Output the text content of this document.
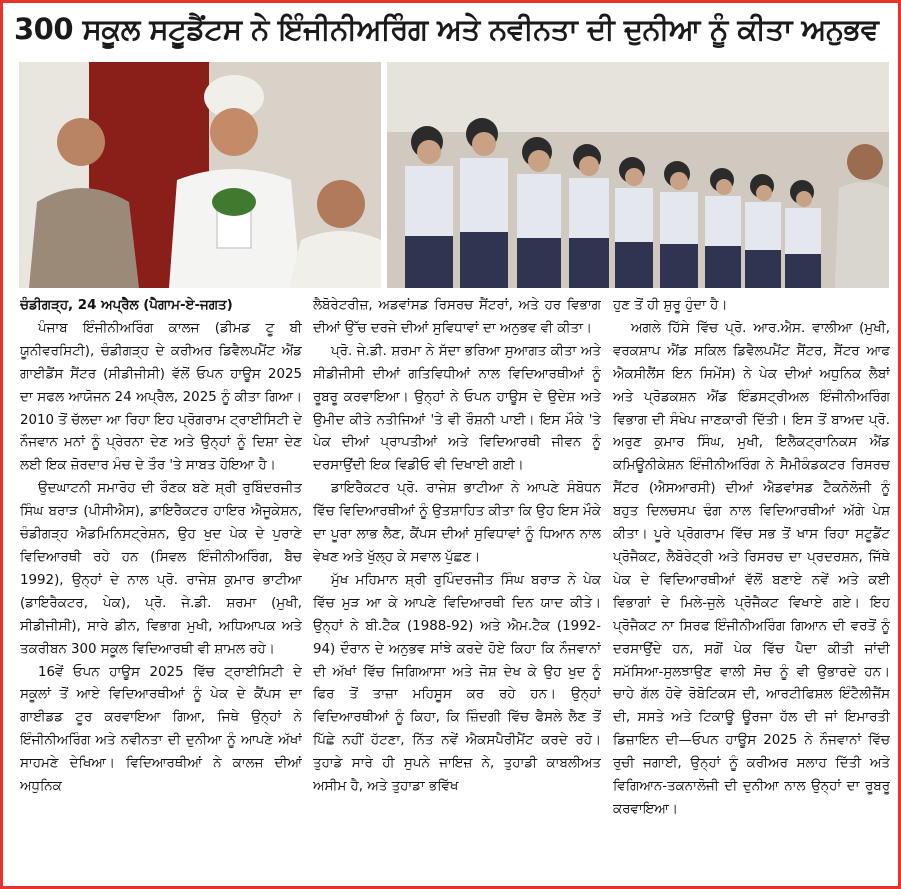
300 ਸਕੂਲ ਸਟੂਡੈਂਟਸ ਨੇ ਇੰਜੀਨੀਅਰਿੰਗ ਅਤੇ ਨਵੀਨਤਾ ਦੀ ਦੁਨੀਆ ਨੂੰ ਕੀਤਾ ਅਨੁਭਵ

ਚੰਡੀਗੜ੍ਹ, 24 ਅਪ੍ਰੈਲ (ਪੈਗਾਮ-ਏ-ਜਗਤ)

ਪੰਜਾਬ ਇੰਜੀਨੀਅਰਿੰਗ ਕਾਲਜ (ਡੀਮਡ ਟੂ ਬੀ ਯੂਨੀਵਰਸਿਟੀ), ਚੰਡੀਗੜ੍ਹ ਦੇ ਕਰੀਅਰ ਡਿਵੈਲਪਮੈਂਟ ਐਂਡ ਗਾਈਡੈਂਸ ਸੈਂਟਰ (ਸੀਡੀਜੀਸੀ) ਵੱਲੋਂ ਓਪਨ ਹਾਊਸ 2025 ਦਾ ਸਫਲ ਆਯੋਜਨ 24 ਅਪ੍ਰੈਲ, 2025 ਨੂੰ ਕੀਤਾ ਗਿਆ। 2010 ਤੋਂ ਚੱਲਦਾ ਆ ਰਿਹਾ ਇਹ ਪ੍ਰੋਗਰਾਮ ਟ੍ਰਾਈਸਿਟੀ ਦੇ ਨੌਜਵਾਨ ਮਨਾਂ ਨੂੰ ਪ੍ਰੇਰਨਾ ਦੇਣ ਅਤੇ ਉਨ੍ਹਾਂ ਨੂੰ ਦਿਸ਼ਾ ਦੇਣ ਲਈ ਇਕ ਜ਼ੋਰਦਾਰ ਮੰਚ ਦੇ ਤੌਰ 'ਤੇ ਸਾਬਤ ਹੋਇਆ ਹੈ।

ਉਦਘਾਟਨੀ ਸਮਾਰੋਹ ਦੀ ਰੌਣਕ ਬਣੇ ਸ਼੍ਰੀ ਰੁਬਿੰਦਰਜੀਤ ਸਿੰਘ ਬਰਾੜ (ਪੀਸੀਐਸ), ਡਾਇਰੈਕਟਰ ਹਾਇਰ ਐਜੂਕੇਸ਼ਨ, ਚੰਡੀਗੜ੍ਹ ਐਡਮਿਨਿਸਟ੍ਰੇਸ਼ਨ, ਉਹ ਖੁਦ ਪੇਕ ਦੇ ਪੁਰਾਣੇ ਵਿਦਿਆਰਥੀ ਰਹੇ ਹਨ (ਸਿਵਲ ਇੰਜੀਨੀਅਰਿੰਗ, ਬੈਚ 1992), ਉਨ੍ਹਾਂ ਦੇ ਨਾਲ ਪ੍ਰੋ. ਰਾਜੇਸ਼ ਕੁਮਾਰ ਭਾਟੀਆ (ਡਾਇਰੈਕਟਰ, ਪੇਕ), ਪ੍ਰੋ. ਜੇ.ਡੀ. ਸ਼ਰਮਾ (ਮੁਖੀ, ਸੀਡੀਜੀਸੀ), ਸਾਰੇ ਡੀਨ, ਵਿਭਾਗ ਮੁਖੀ, ਅਧਿਆਪਕ ਅਤੇ ਤਕਰੀਬਨ 300 ਸਕੂਲ ਵਿਦਿਆਰਥੀ ਵੀ ਸ਼ਾਮਲ ਰਹੇ।

16ਵੇਂ ਓਪਨ ਹਾਊਸ 2025 ਵਿੱਚ ਟ੍ਰਾਈਸਿਟੀ ਦੇ ਸਕੂਲਾਂ ਤੋਂ ਆਏ ਵਿਦਿਆਰਥੀਆਂ ਨੂੰ ਪੇਕ ਦੇ ਕੈਂਪਸ ਦਾ ਗਾਈਡਡ ਟੂਰ ਕਰਵਾਇਆ ਗਿਆ, ਜਿਥੇ ਉਨ੍ਹਾਂ ਨੇ ਇੰਜੀਨੀਅਰਿੰਗ ਅਤੇ ਨਵੀਨਤਾ ਦੀ ਦੁਨੀਆ ਨੂੰ ਆਪਣੇ ਅੱਖਾਂ ਸਾਹਮਣੇ ਦੇਖਿਆ। ਵਿਦਿਆਰਥੀਆਂ ਨੇ ਕਾਲਜ ਦੀਆਂ ਅਧੁਨਿਕ

ਲੈਬੋਰੇਟਰੀਜ਼, ਅਡਵਾਂਸਡ ਰਿਸਰਚ ਸੈਂਟਰਾਂ, ਅਤੇ ਹਰ ਵਿਭਾਗ ਦੀਆਂ ਉੱਚ ਦਰਜੇ ਦੀਆਂ ਸੁਵਿਧਾਵਾਂ ਦਾ ਅਨੁਭਵ ਵੀ ਕੀਤਾ।

ਪ੍ਰੋ. ਜੇ.ਡੀ. ਸ਼ਰਮਾ ਨੇ ਸੱਦਾ ਭਰਿਆ ਸੁਆਗਤ ਕੀਤਾ ਅਤੇ ਸੀਡੀਜੀਸੀ ਦੀਆਂ ਗਤਿਵਿਧੀਆਂ ਨਾਲ ਵਿਦਿਆਰਥੀਆਂ ਨੂੰ ਰੂਬਰੂ ਕਰਵਾਇਆ। ਉਨ੍ਹਾਂ ਨੇ ਓਪਨ ਹਾਊਸ ਦੇ ਉਦੇਸ਼ ਅਤੇ ਉਮੀਦ ਕੀਤੇ ਨਤੀਜਿਆਂ 'ਤੇ ਵੀ ਰੌਸ਼ਨੀ ਪਾਈ। ਇਸ ਮੌਕੇ 'ਤੇ ਪੇਕ ਦੀਆਂ ਪ੍ਰਾਪਤੀਆਂ ਅਤੇ ਵਿਦਿਆਰਥੀ ਜੀਵਨ ਨੂੰ ਦਰਸਾਉਂਦੀ ਇਕ ਵਿਡੀਓ ਵੀ ਦਿਖਾਈ ਗਈ।

ਡਾਇਰੈਕਟਰ ਪ੍ਰੋ. ਰਾਜੇਸ਼ ਭਾਟੀਆ ਨੇ ਆਪਣੇ ਸੰਬੋਧਨ ਵਿੱਚ ਵਿਦਿਆਰਥੀਆਂ ਨੂੰ ਉਤਸ਼ਾਹਿਤ ਕੀਤਾ ਕਿ ਉਹ ਇਸ ਮੌਕੇ ਦਾ ਪੂਰਾ ਲਾਭ ਲੈਣ, ਕੈਂਪਸ ਦੀਆਂ ਸੁਵਿਧਾਵਾਂ ਨੂੰ ਧਿਆਨ ਨਾਲ ਵੇਖਣ ਅਤੇ ਖੁੱਲ੍ਹ ਕੇ ਸਵਾਲ ਪੁੱਛਣ।

ਮੁੱਖ ਮਹਿਮਾਨ ਸ਼੍ਰੀ ਰੁਪਿੰਦਰਜੀਤ ਸਿੰਘ ਬਰਾੜ ਨੇ ਪੇਕ ਵਿੱਚ ਮੁੜ ਆ ਕੇ ਆਪਣੇ ਵਿਦਿਆਰਥੀ ਦਿਨ ਯਾਦ ਕੀਤੇ। ਉਨ੍ਹਾਂ ਨੇ ਬੀ.ਟੈਕ (1988-92) ਅਤੇ ਐਮ.ਟੈਕ (1992-94) ਦੌਰਾਨ ਦੇ ਅਨੁਭਵ ਸਾਂਝੇ ਕਰਦੇ ਹੋਏ ਕਿਹਾ ਕਿ ਨੌਜਵਾਨਾਂ ਦੀ ਅੱਖਾਂ ਵਿੱਚ ਜਿਗਿਆਸਾ ਅਤੇ ਜੋਸ਼ ਦੇਖ ਕੇ ਉਹ ਖੁਦ ਨੂੰ ਫਿਰ ਤੋਂ ਤਾਜ਼ਾ ਮਹਿਸੂਸ ਕਰ ਰਹੇ ਹਨ। ਉਨ੍ਹਾਂ ਵਿਦਿਆਰਥੀਆਂ ਨੂੰ ਕਿਹਾ, ਕਿ ਜ਼ਿੰਦਗੀ ਵਿੱਚ ਫੈਸਲੇ ਲੈਣ ਤੋਂ ਪਿੱਛੇ ਨਹੀਂ ਹੱਟਣਾ, ਨਿੱਤ ਨਵੇਂ ਐਕਸਪੈਰੀਮੈਂਟ ਕਰਦੇ ਰਹੋ। ਤੁਹਾਡੇ ਸਾਰੇ ਹੀ ਸੁਪਨੇ ਜਾਇਜ਼ ਨੇ, ਤੁਹਾਡੀ ਕਾਬਲੀਅਤ ਅਸੀਮ ਹੈ, ਅਤੇ ਤੁਹਾਡਾ ਭਵਿੱਖ

ਹੁਣ ਤੋਂ ਹੀ ਸ਼ੁਰੂ ਹੁੰਦਾ ਹੈ।

ਅਗਲੇ ਹਿੱਸੇ ਵਿੱਚ ਪ੍ਰੋ. ਆਰ.ਐਸ. ਵਾਲੀਆ (ਮੁਖੀ, ਵਰਕਸ਼ਾਪ ਐਂਡ ਸਕਿਲ ਡਿਵੈਲਪਮੈਂਟ ਸੈਂਟਰ, ਸੈਂਟਰ ਆਫ ਐਕਸੀਲੈਂਸ ਇਨ ਸਿਮੇਂਸ) ਨੇ ਪੇਕ ਦੀਆਂ ਅਧੁਨਿਕ ਲੈਬਾਂ ਅਤੇ ਪ੍ਰੋਡਕਸ਼ਨ ਐਂਡ ਇੰਡਸਟ੍ਰੀਅਲ ਇੰਜੀਨੀਅਰਿੰਗ ਵਿਭਾਗ ਦੀ ਸੰਖੇਪ ਜਾਣਕਾਰੀ ਦਿੱਤੀ। ਇਸ ਤੋਂ ਬਾਅਦ ਪ੍ਰੋ. ਅਰੁਣ ਕੁਮਾਰ ਸਿੰਘ, ਮੁਖੀ, ਇਲੈਕਟ੍ਰਾਨਿਕਸ ਐਂਡ ਕਮਿਊਨੀਕੇਸ਼ਨ ਇੰਜੀਨੀਅਰਿੰਗ ਨੇ ਸੈਮੀਕੰਡਕਟਰ ਰਿਸਰਚ ਸੈਂਟਰ (ਐਸਆਰਸੀ) ਦੀਆਂ ਐਡਵਾਂਸਡ ਟੈਕਨੋਲੋਜੀ ਨੂੰ ਬਹੁਤ ਦਿਲਚਸਪ ਢੰਗ ਨਾਲ ਵਿਦਿਆਰਥੀਆਂ ਅੱਗੇ ਪੇਸ਼ ਕੀਤਾ। ਪੂਰੇ ਪ੍ਰੋਗਰਾਮ ਵਿੱਚ ਸਭ ਤੋਂ ਖਾਸ ਰਿਹਾ ਸਟੂਡੈਂਟ ਪ੍ਰੋਜੈਕਟ, ਲੈਬੋਰੇਟ੍ਰੀ ਅਤੇ ਰਿਸਰਚ ਦਾ ਪ੍ਰਦਰਸ਼ਨ, ਜਿੱਥੇ ਪੇਕ ਦੇ ਵਿਦਿਆਰਥੀਆਂ ਵੱਲੋਂ ਬਣਾਏ ਨਵੇਂ ਅਤੇ ਕਈ ਵਿਭਾਗਾਂ ਦੇ ਮਿਲੇ-ਜੁਲੇ ਪ੍ਰੋਜੈਕਟ ਵਿਖਾਏ ਗਏ। ਇਹ ਪ੍ਰੋਜੈਕਟ ਨਾ ਸਿਰਫ ਇੰਜੀਨੀਅਰਿੰਗ ਗਿਆਨ ਦੀ ਵਰਤੋਂ ਨੂੰ ਦਰਸਾਉਂਦੇ ਹਨ, ਸਗੋਂ ਪੇਕ ਵਿੱਚ ਪੈਦਾ ਕੀਤੀ ਜਾਂਦੀ ਸਮੱਸਿਆ-ਸੁਲਝਾਉਣ ਵਾਲੀ ਸੋਚ ਨੂੰ ਵੀ ਉਭਾਰਦੇ ਹਨ। ਚਾਹੇ ਗੱਲ ਹੋਵੇ ਰੋਬੋਟਿਕਸ ਦੀ, ਆਰਟੀਫਿਸ਼ਲ ਇੰਟੈਲੀਜੈਂਸ ਦੀ, ਸਸਤੇ ਅਤੇ ਟਿਕਾਊ ਊਰਜਾ ਹੱਲ ਦੀ ਜਾਂ ਇਮਾਰਤੀ ਡਿਜ਼ਾਇਨ ਦੀ—ਓਪਨ ਹਾਊਸ 2025 ਨੇ ਨੌਜਵਾਨਾਂ ਵਿੱਚ ਰੁਚੀ ਜਗਾਈ, ਉਨ੍ਹਾਂ ਨੂੰ ਕਰੀਅਰ ਸਲਾਹ ਦਿੱਤੀ ਅਤੇ ਵਿਗਿਆਨ-ਤਕਨਾਲੋਜੀ ਦੀ ਦੁਨੀਆ ਨਾਲ ਉਨ੍ਹਾਂ ਦਾ ਰੂਬਰੂ ਕਰਵਾਇਆ।
